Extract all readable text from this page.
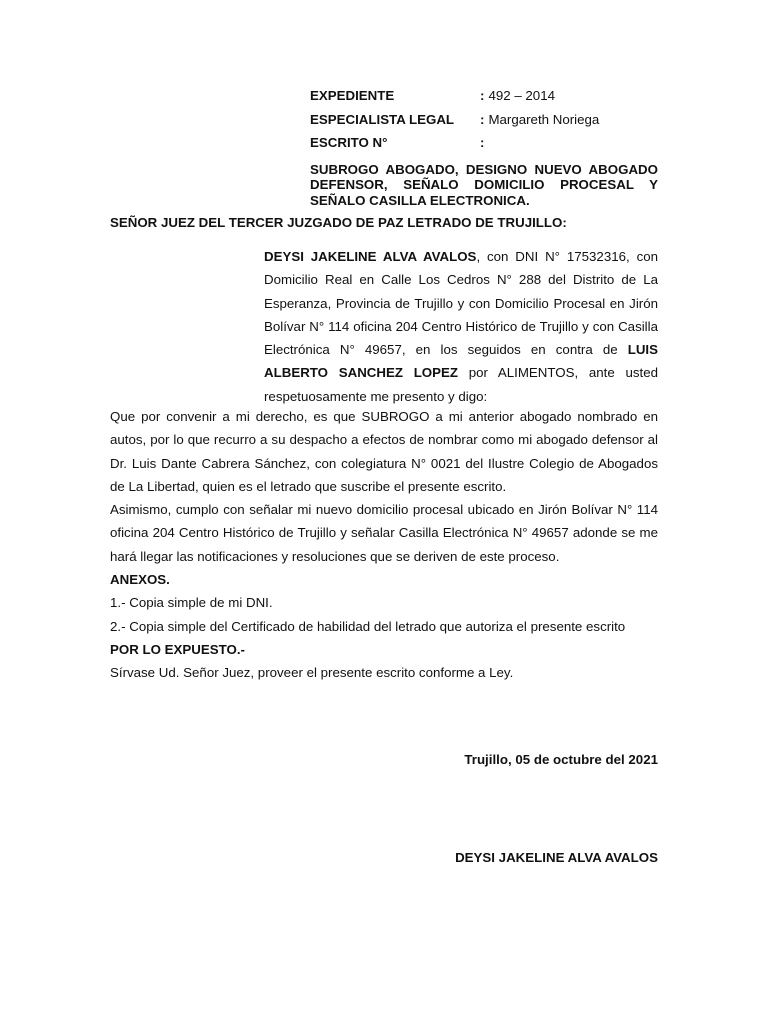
EXPEDIENTE	: 492 – 2014
ESPECIALISTA LEGAL	: Margareth Noriega
ESCRITO N°	:
SUBROGO ABOGADO, DESIGNO NUEVO ABOGADO DEFENSOR, SEÑALO DOMICILIO PROCESAL Y SEÑALO CASILLA ELECTRONICA.
SEÑOR JUEZ DEL TERCER JUZGADO DE PAZ LETRADO DE TRUJILLO:
DEYSI JAKELINE ALVA AVALOS, con DNI N° 17532316, con Domicilio Real en Calle Los Cedros N° 288 del Distrito de La Esperanza, Provincia de Trujillo y con Domicilio Procesal en Jirón Bolívar N° 114 oficina 204 Centro Histórico de Trujillo y con Casilla Electrónica N° 49657, en los seguidos en contra de LUIS ALBERTO SANCHEZ LOPEZ por ALIMENTOS, ante usted respetuosamente me presento y digo:

Que por convenir a mi derecho, es que SUBROGO a mi anterior abogado nombrado en autos, por lo que recurro a su despacho a efectos de nombrar como mi abogado defensor al Dr. Luis Dante Cabrera Sánchez, con colegiatura N° 0021 del Ilustre Colegio de Abogados de La Libertad, quien es el letrado que suscribe el presente escrito.

Asimismo, cumplo con señalar mi nuevo domicilio procesal ubicado en Jirón Bolívar N° 114 oficina 204 Centro Histórico de Trujillo y señalar Casilla Electrónica N° 49657 adonde se me hará llegar las notificaciones y resoluciones que se deriven de este proceso.

ANEXOS.

1.- Copia simple de mi DNI.

2.- Copia simple del Certificado de habilidad del letrado que autoriza el presente escrito

POR LO EXPUESTO.-

Sírvase Ud. Señor Juez, proveer el presente escrito conforme a Ley.

Trujillo, 05 de octubre del 2021
DEYSI JAKELINE ALVA AVALOS
